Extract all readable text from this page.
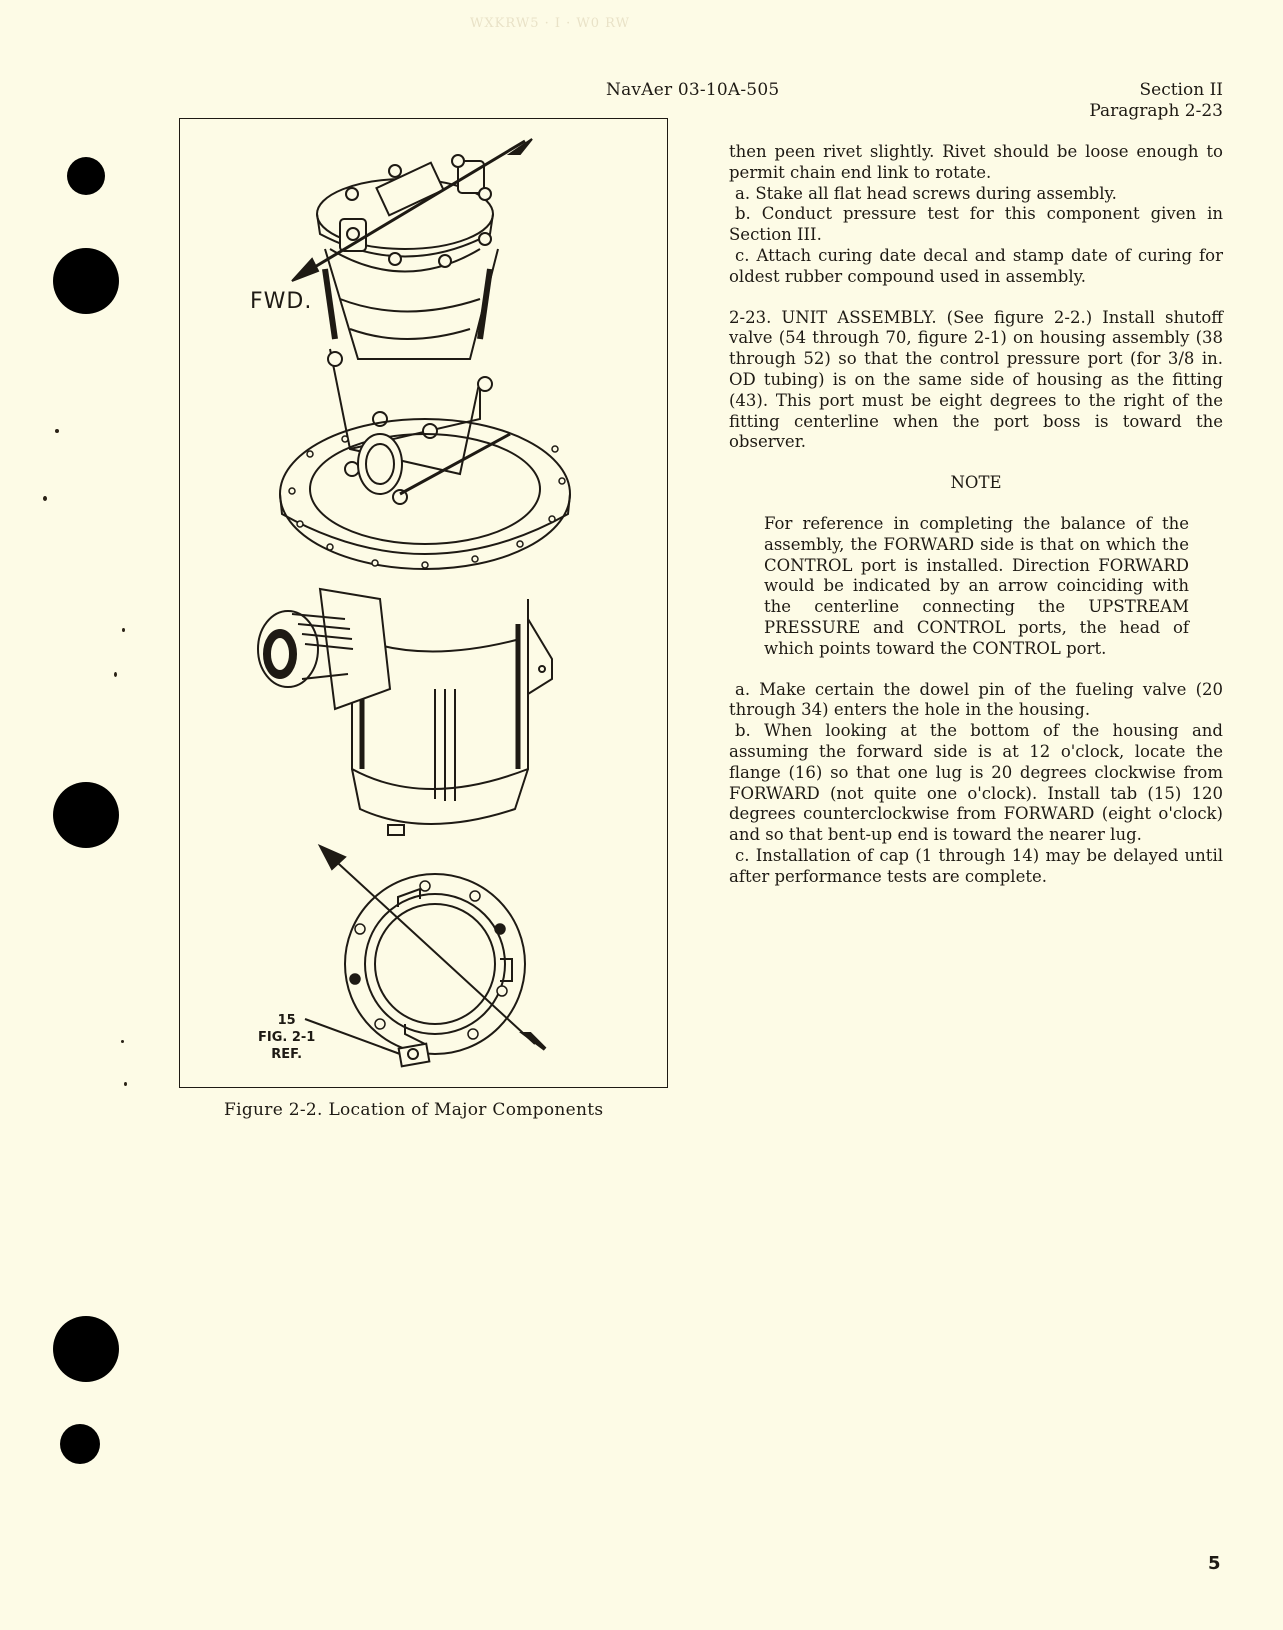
WXKRW5 · I · W0 RW
NavAer 03-10A-505	Section II
Paragraph 2-23
FWD.
15
FIG. 2-1
REF.
Figure 2-2. Location of Major Components

then peen rivet slightly. Rivet should be loose enough to permit chain end link to rotate.

a. Stake all flat head screws during assembly.

b. Conduct pressure test for this component given in Section III.

c. Attach curing date decal and stamp date of curing for oldest rubber compound used in assembly.

2-23. UNIT ASSEMBLY. (See figure 2-2.) Install shutoff valve (54 through 70, figure 2-1) on housing assembly (38 through 52) so that the control pressure port (for 3/8 in. OD tubing) is on the same side of housing as the fitting (43). This port must be eight degrees to the right of the fitting centerline when the port boss is toward the observer.

NOTE

For reference in completing the balance of the assembly, the FORWARD side is that on which the CONTROL port is installed. Direction FORWARD would be indicated by an arrow coinciding with the centerline connecting the UPSTREAM PRESSURE and CONTROL ports, the head of which points toward the CONTROL port.

a. Make certain the dowel pin of the fueling valve (20 through 34) enters the hole in the housing.

b. When looking at the bottom of the housing and assuming the forward side is at 12 o'clock, locate the flange (16) so that one lug is 20 degrees clockwise from FORWARD (not quite one o'clock). Install tab (15) 120 degrees counterclockwise from FORWARD (eight o'clock) and so that bent-up end is toward the nearer lug.

c. Installation of cap (1 through 14) may be delayed until after performance tests are complete.

5
